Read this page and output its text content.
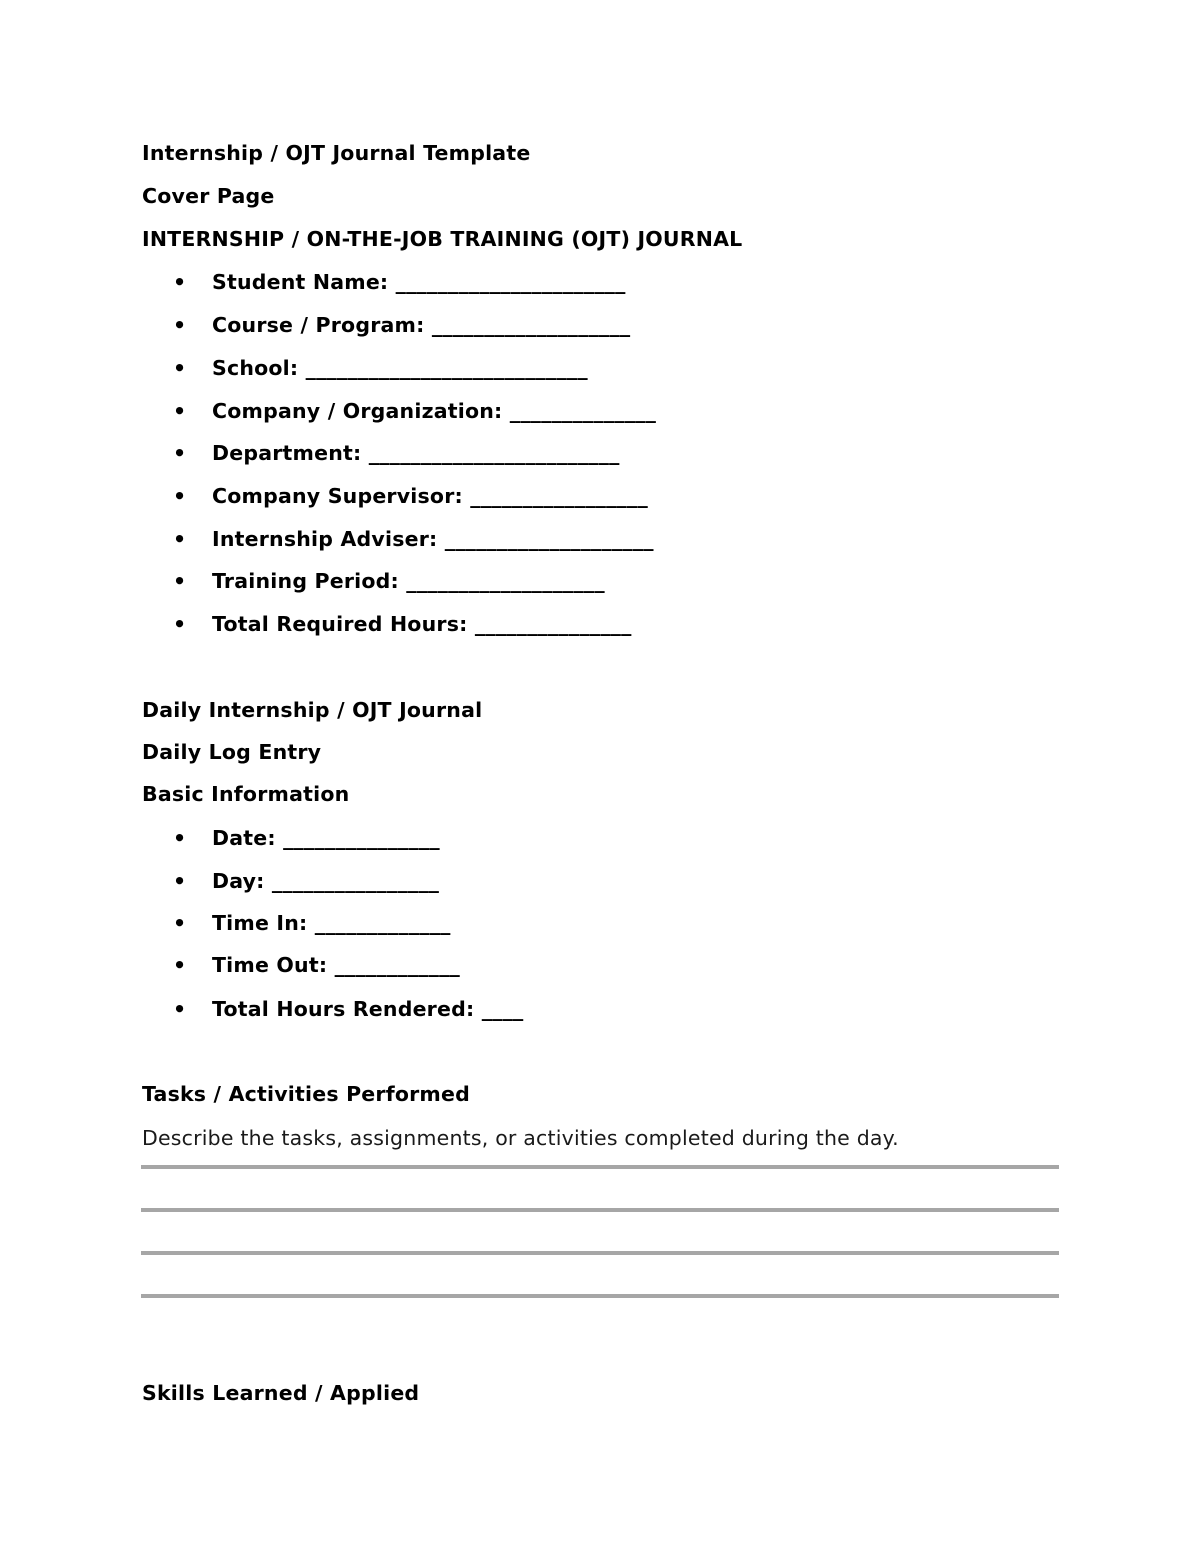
Internship / OJT Journal Template
Cover Page
INTERNSHIP / ON-THE-JOB TRAINING (OJT) JOURNAL
• Student Name: ______________________
• Course / Program: ___________________
• School: ___________________________
• Company / Organization: ______________
• Department: ________________________
• Company Supervisor: _________________
• Internship Adviser: ____________________
• Training Period: ___________________
• Total Required Hours: _______________
Daily Internship / OJT Journal
Daily Log Entry
Basic Information
• Date: _______________
• Day: ________________
• Time In: _____________
• Time Out: ____________
• Total Hours Rendered: ____
Tasks / Activities Performed
Describe the tasks, assignments, or activities completed during the day.
Skills Learned / Applied
